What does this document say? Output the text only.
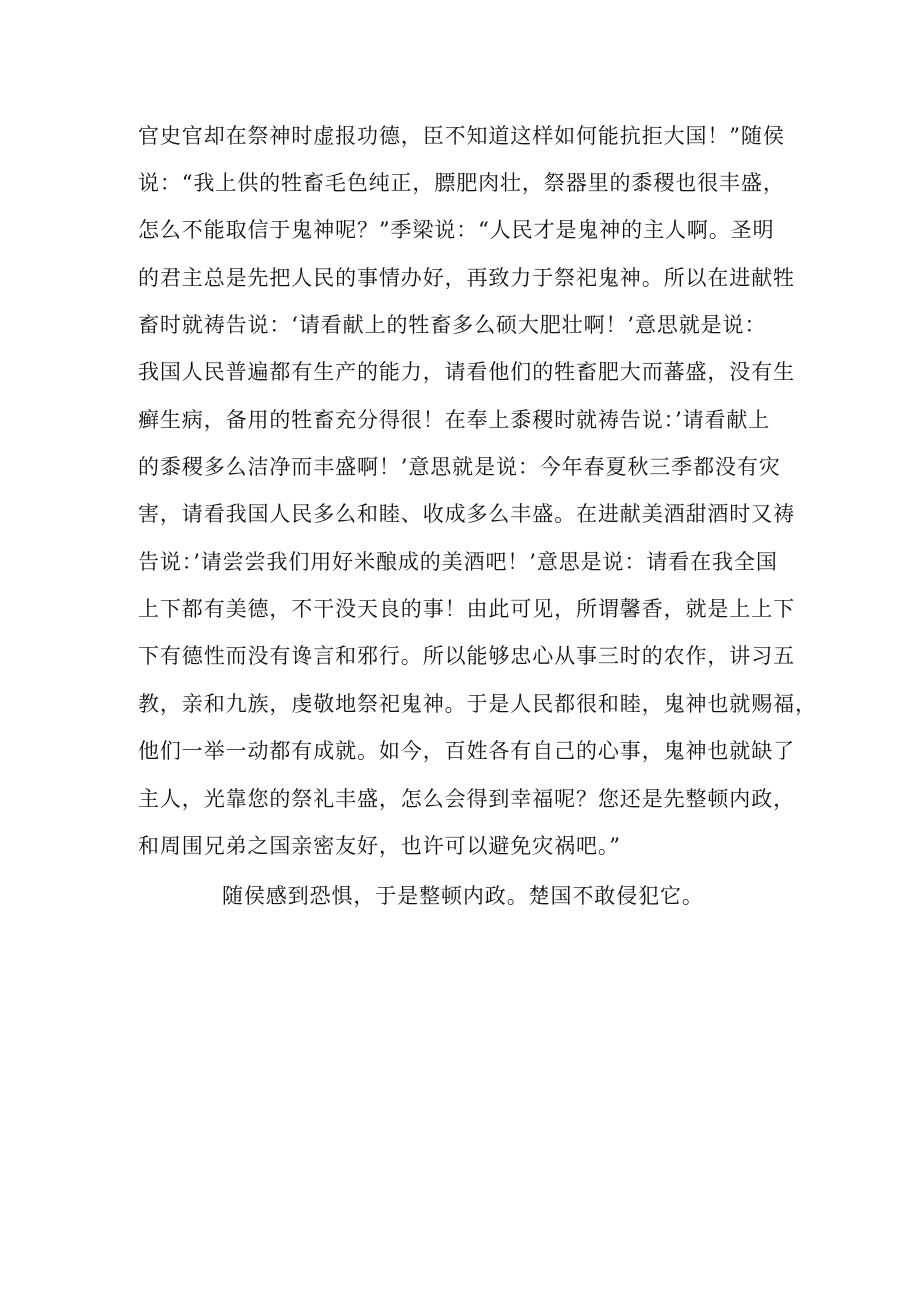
官史官却在祭神时虚报功德，臣不知道这样如何能抗拒大国！”随侯
说：“我上供的牲畜毛色纯正，膘肥肉壮，祭器里的黍稷也很丰盛，
怎么不能取信于鬼神呢？”季梁说：“人民才是鬼神的主人啊。圣明
的君主总是先把人民的事情办好，再致力于祭祀鬼神。所以在进献牲
畜时就祷告说：‘请看献上的牲畜多么硕大肥壮啊！’意思就是说：
我国人民普遍都有生产的能力，请看他们的牲畜肥大而蕃盛，没有生
癣生病，备用的牲畜充分得很！在奉上黍稷时就祷告说：’请看献上
的黍稷多么洁净而丰盛啊！’意思就是说：今年春夏秋三季都没有灾
害，请看我国人民多么和睦、收成多么丰盛。在进献美酒甜酒时又祷
告说：’请尝尝我们用好米酿成的美酒吧！’意思是说：请看在我全国
上下都有美德，不干没天良的事！由此可见，所谓馨香，就是上上下
下有德性而没有谗言和邪行。所以能够忠心从事三时的农作，讲习五
教，亲和九族，虔敬地祭祀鬼神。于是人民都很和睦，鬼神也就赐福，
他们一举一动都有成就。如今，百姓各有自己的心事，鬼神也就缺了
主人，光靠您的祭礼丰盛，怎么会得到幸福呢？您还是先整顿内政，
和周围兄弟之国亲密友好，也许可以避免灾祸吧。”
随侯感到恐惧，于是整顿内政。楚国不敢侵犯它。
